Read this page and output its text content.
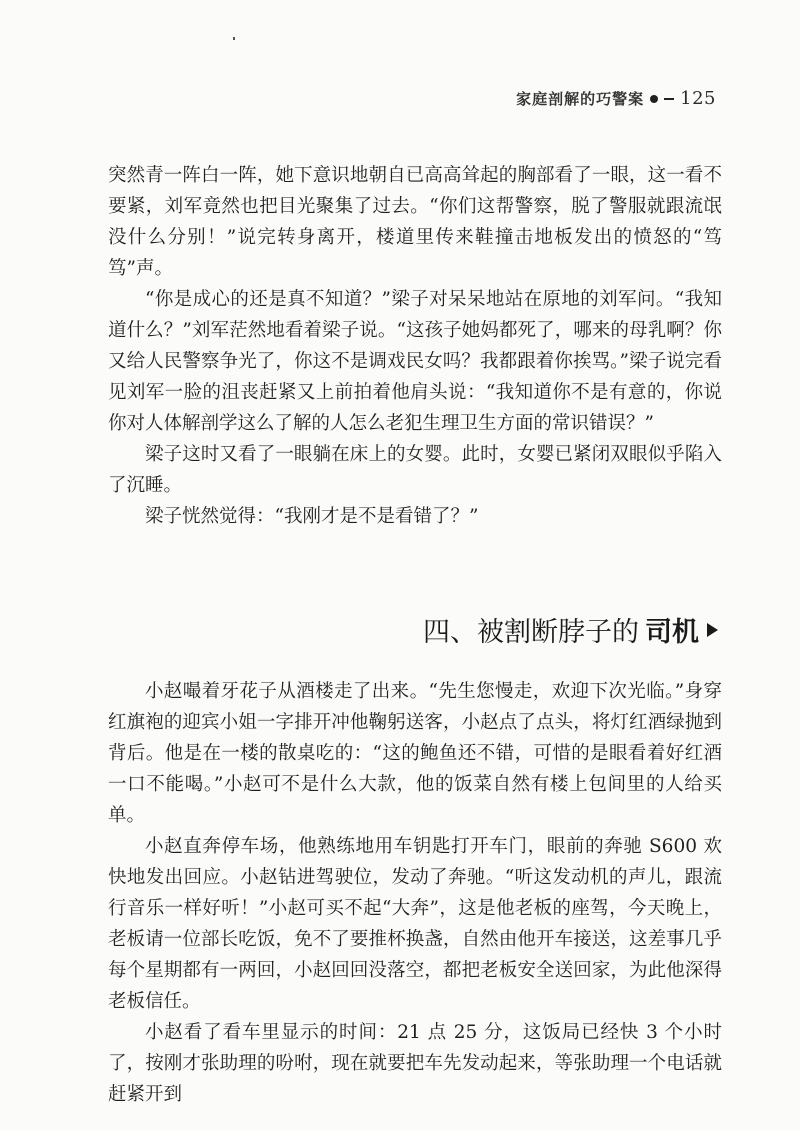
家庭剖解的巧警案 125

突然青一阵白一阵，她下意识地朝自已高高耸起的胸部看了一眼，这一看不要紧，刘军竟然也把目光聚集了过去。“你们这帮警察，脱了警服就跟流氓没什么分别！”说完转身离开，楼道里传来鞋撞击地板发出的愤怒的“笃笃”声。

“你是成心的还是真不知道？”梁子对呆呆地站在原地的刘军问。“我知道什么？”刘军茫然地看着梁子说。“这孩子她妈都死了，哪来的母乳啊？你又给人民警察争光了，你这不是调戏民女吗？我都跟着你挨骂。”梁子说完看见刘军一脸的沮丧赶紧又上前拍着他肩头说：“我知道你不是有意的，你说你对人体解剖学这么了解的人怎么老犯生理卫生方面的常识错误？”

梁子这时又看了一眼躺在床上的女婴。此时，女婴已紧闭双眼似乎陷入了沉睡。

梁子恍然觉得：“我刚才是不是看错了？”

四、被割断脖子的 司机

小赵嘬着牙花子从酒楼走了出来。“先生您慢走，欢迎下次光临。”身穿红旗袍的迎宾小姐一字排开冲他鞠躬送客，小赵点了点头，将灯红酒绿抛到背后。他是在一楼的散桌吃的：“这的鲍鱼还不错，可惜的是眼看着好红酒一口不能喝。”小赵可不是什么大款，他的饭菜自然有楼上包间里的人给买单。

小赵直奔停车场，他熟练地用车钥匙打开车门，眼前的奔驰 S600 欢快地发出回应。小赵钻进驾驶位，发动了奔驰。“听这发动机的声儿，跟流行音乐一样好听！”小赵可买不起“大奔”，这是他老板的座驾，今天晚上，老板请一位部长吃饭，免不了要推杯换盏，自然由他开车接送，这差事几乎每个星期都有一两回，小赵回回没落空，都把老板安全送回家，为此他深得老板信任。

小赵看了看车里显示的时间：21 点 25 分，这饭局已经快 3 个小时了，按刚才张助理的吩咐，现在就要把车先发动起来，等张助理一个电话就赶紧开到
